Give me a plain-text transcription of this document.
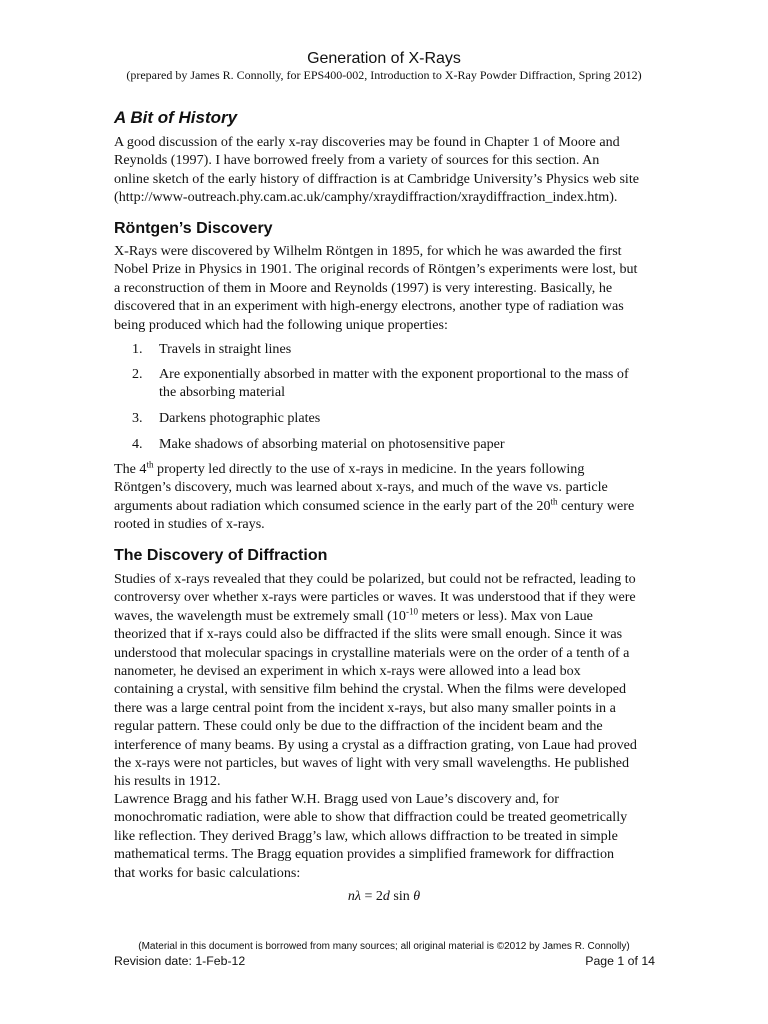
Generation of X-Rays
(prepared by James R. Connolly, for EPS400-002, Introduction to X-Ray Powder Diffraction, Spring 2012)
A Bit of History
A good discussion of the early x-ray discoveries may be found in Chapter 1 of Moore and
Reynolds (1997). I have borrowed freely from a variety of sources for this section. An
online sketch of the early history of diffraction is at Cambridge University’s Physics web site
(http://www-outreach.phy.cam.ac.uk/camphy/xraydiffraction/xraydiffraction_index.htm).
Röntgen’s Discovery
X-Rays were discovered by Wilhelm Röntgen in 1895, for which he was awarded the first
Nobel Prize in Physics in 1901. The original records of Röntgen’s experiments were lost, but
a reconstruction of them in Moore and Reynolds (1997) is very interesting. Basically, he
discovered that in an experiment with high-energy electrons, another type of radiation was
being produced which had the following unique properties:
1.	Travels in straight lines
2.	Are exponentially absorbed in matter with the exponent proportional to the mass of
the absorbing material
3.	Darkens photographic plates
4.	Make shadows of absorbing material on photosensitive paper
The 4th property led directly to the use of x-rays in medicine. In the years following
Röntgen’s discovery, much was learned about x-rays, and much of the wave vs. particle
arguments about radiation which consumed science in the early part of the 20th century were
rooted in studies of x-rays.
The Discovery of Diffraction
Studies of x-rays revealed that they could be polarized, but could not be refracted, leading to
controversy over whether x-rays were particles or waves. It was understood that if they were
waves, the wavelength must be extremely small ($10^{-10}$ meters or less). Max von Laue
theorized that if x-rays could also be diffracted if the slits were small enough. Since it was
understood that molecular spacings in crystalline materials were on the order of a tenth of a
nanometer, he devised an experiment in which x-rays were allowed into a lead box
containing a crystal, with sensitive film behind the crystal. When the films were developed
there was a large central point from the incident x-rays, but also many smaller points in a
regular pattern. These could only be due to the diffraction of the incident beam and the
interference of many beams. By using a crystal as a diffraction grating, von Laue had proved
the x-rays were not particles, but waves of light with very small wavelengths. He published
his results in 1912.
Lawrence Bragg and his father W.H. Bragg used von Laue’s discovery and, for
monochromatic radiation, were able to show that diffraction could be treated geometrically
like reflection. They derived Bragg’s law, which allows diffraction to be treated in simple
mathematical terms. The Bragg equation provides a simplified framework for diffraction
that works for basic calculations:
nλ = 2d sin θ
(Material in this document is borrowed from many sources; all original material is ©2012 by James R. Connolly)
Revision date: 1-Feb-12	Page 1 of 14
